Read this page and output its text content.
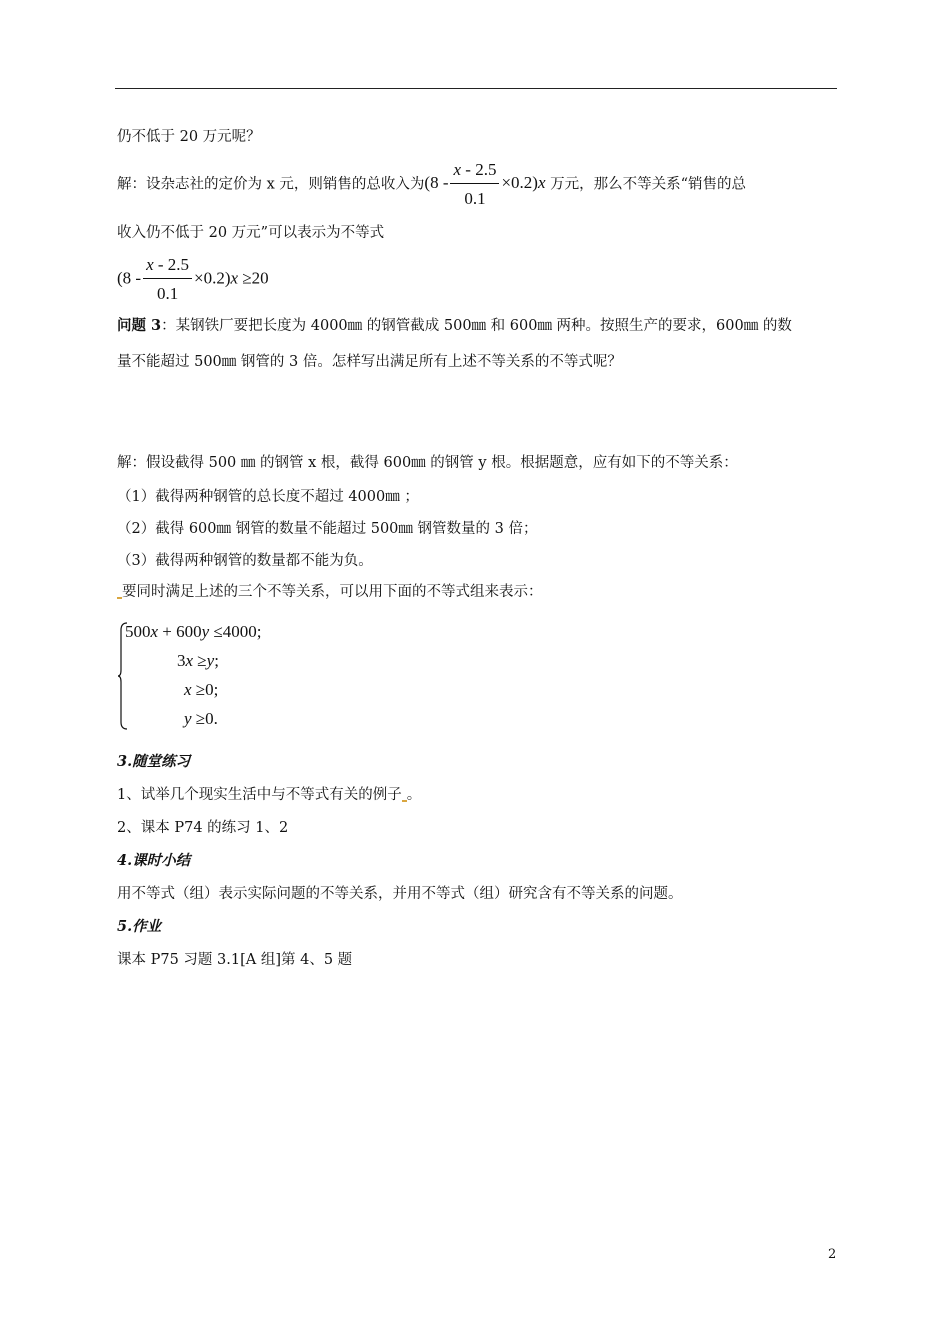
仍不低于 20 万元呢？
解：设杂志社的定价为 x 元，则销售的总收入为$(8 - \frac{x - 2.5}{0.1} \times 0.2)x$ 万元，那么不等关系“销售的总
收入仍不低于 20 万元”可以表示为不等式
$(8 - \frac{x - 2.5}{0.1} \times 0.2)x \ge 20$
问题 3：某钢铁厂要把长度为 4000㎜ 的钢管截成 500㎜ 和 600㎜ 两种。按照生产的要求，600㎜ 的数
量不能超过 500㎜ 钢管的 3 倍。怎样写出满足所有上述不等关系的不等式呢？
解：假设截得 500 ㎜ 的钢管 x 根，截得 600㎜ 的钢管 y 根。根据题意，应有如下的不等关系：
（1）截得两种钢管的总长度不超过 4000㎜ ；
（2）截得 600㎜ 钢管的数量不能超过 500㎜ 钢管数量的 3 倍；
（3）截得两种钢管的数量都不能为负。
要同时满足上述的三个不等关系，可以用下面的不等式组来表示：
500x + 600y ≤4000;
3x ≥y;
x ≥0;
y ≥0.
3.随堂练习
1、试举几个现实生活中与不等式有关的例子 。
2、课本 P74 的练习 1、2
4.课时小结
用不等式（组）表示实际问题的不等关系，并用不等式（组）研究含有不等关系的问题。
5.作业
课本 P75 习题 3.1[A 组]第 4、5 题
2
